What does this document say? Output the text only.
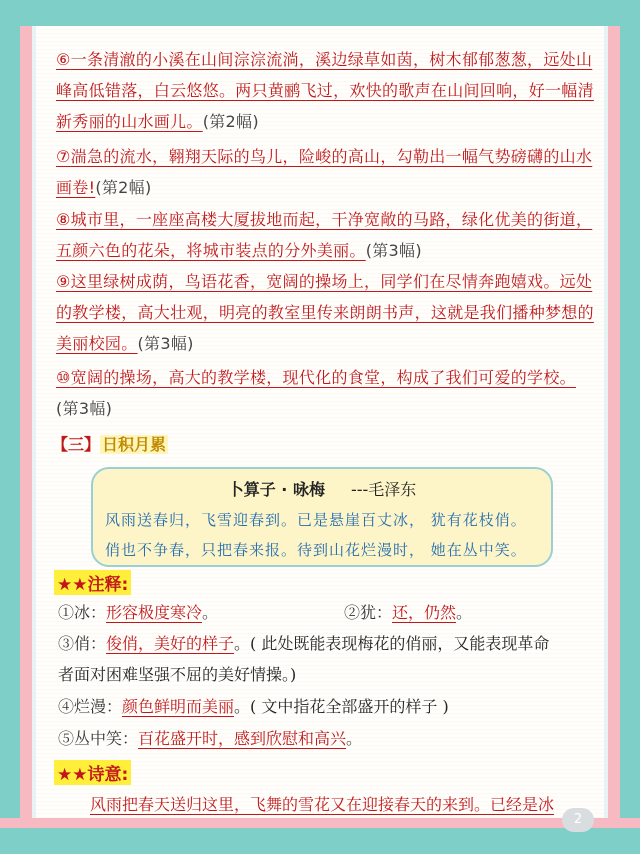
⑥一条清澈的小溪在山间淙淙流淌，溪边绿草如茵，树木郁郁葱葱，远处山峰高低错落，白云悠悠。两只黄鹂飞过，欢快的歌声在山间回响，好一幅清新秀丽的山水画儿。(第2幅)
⑦湍急的流水，翱翔天际的鸟儿，险峻的高山，勾勒出一幅气势磅礴的山水画卷!(第2幅)
⑧城市里，一座座高楼大厦拔地而起，干净宽敞的马路，绿化优美的街道，五颜六色的花朵，将城市装点的分外美丽。(第3幅)
⑨这里绿树成荫，鸟语花香，宽阔的操场上，同学们在尽情奔跑嬉戏。远处的教学楼，高大壮观，明亮的教室里传来朗朗书声，这就是我们播种梦想的美丽校园。(第3幅)
⑩宽阔的操场，高大的教学楼，现代化的食堂，构成了我们可爱的学校。(第3幅)
【三】 日积月累
卜算子 · 咏梅 ---毛泽东
风雨送春归，飞雪迎春到。已是悬崖百丈冰， 犹有花枝俏。
俏也不争春，只把春来报。待到山花烂漫时， 她在丛中笑。
★★注释:
①冰：形容极度寒冷。	②犹：还，仍然。
③俏：俊俏，美好的样子。( 此处既能表现梅花的俏丽，又能表现革命
者面对困难坚强不屈的美好情操。)
④烂漫：颜色鲜明而美丽。( 文中指花全部盛开的样子 )
⑤丛中笑：百花盛开时，感到欣慰和高兴。
★★诗意:
风雨把春天送归这里，飞舞的雪花又在迎接春天的来到。已经是冰
2
